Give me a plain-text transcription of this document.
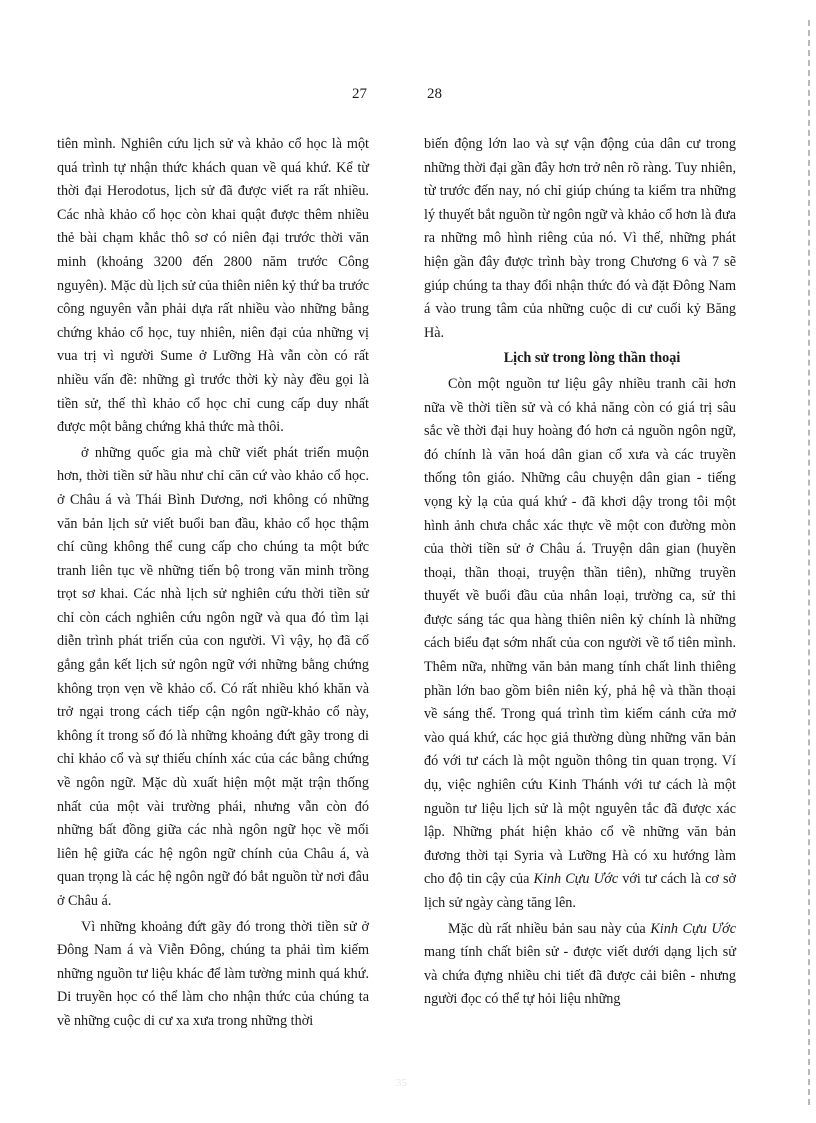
27	28

tiên mình. Nghiên cứu lịch sử và khảo cổ học là một quá trình tự nhận thức khách quan về quá khứ. Kể từ thời đại Herodotus, lịch sử đã được viết ra rất nhiều. Các nhà khảo cổ học còn khai quật được thêm nhiều thẻ bài chạm khắc thô sơ có niên đại trước thời văn minh (khoảng 3200 đến 2800 năm trước Công nguyên). Mặc dù lịch sử của thiên niên kỷ thứ ba trước công nguyên vẫn phải dựa rất nhiều vào những bằng chứng khảo cổ học, tuy nhiên, niên đại của những vị vua trị vì người Sume ở Lưỡng Hà vẫn còn có rất nhiều vấn đề: những gì trước thời kỳ này đều gọi là tiền sử, thế thì khảo cổ học chỉ cung cấp duy nhất được một bằng chứng khả thức mà thôi.

ở những quốc gia mà chữ viết phát triển muộn hơn, thời tiền sử hầu như chỉ căn cứ vào khảo cổ học. ở Châu á và Thái Bình Dương, nơi không có những văn bản lịch sử viết buổi ban đầu, khảo cổ học thậm chí cũng không thể cung cấp cho chúng ta một bức tranh liên tục về những tiến bộ trong văn minh trồng trọt sơ khai. Các nhà lịch sử nghiên cứu thời tiền sử chỉ còn cách nghiên cứu ngôn ngữ và qua đó tìm lại diễn trình phát triển của con người. Vì vậy, họ đã cố gắng gắn kết lịch sử ngôn ngữ với những bằng chứng không trọn vẹn về khảo cổ. Có rất nhiều khó khăn và trở ngại trong cách tiếp cận ngôn ngữ-khảo cổ này, không ít trong số đó là những khoảng đứt gãy trong di chỉ khảo cổ và sự thiếu chính xác của các bằng chứng về ngôn ngữ. Mặc dù xuất hiện một mặt trận thống nhất của một vài trường phái, nhưng vẫn còn đó những bất đồng giữa các nhà ngôn ngữ học về mối liên hệ giữa các hệ ngôn ngữ chính của Châu á, và quan trọng là các hệ ngôn ngữ đó bắt nguồn từ nơi đâu ở Châu á.

Vì những khoảng đứt gãy đó trong thời tiền sử ở Đông Nam á và Viễn Đông, chúng ta phải tìm kiếm những nguồn tư liệu khác để làm tường minh quá khứ. Di truyền học có thể làm cho nhận thức của chúng ta về những cuộc di cư xa xưa trong những thời

biến động lớn lao và sự vận động của dân cư trong những thời đại gần đây hơn trở nên rõ ràng. Tuy nhiên, từ trước đến nay, nó chỉ giúp chúng ta kiểm tra những lý thuyết bắt nguồn từ ngôn ngữ và khảo cổ hơn là đưa ra những mô hình riêng của nó. Vì thế, những phát hiện gần đây được trình bày trong Chương 6 và 7 sẽ giúp chúng ta thay đổi nhận thức đó và đặt Đông Nam á vào trung tâm của những cuộc di cư cuối kỷ Băng Hà.

Lịch sử trong lòng thần thoại

Còn một nguồn tư liệu gây nhiều tranh cãi hơn nữa về thời tiền sử và có khả năng còn có giá trị sâu sắc về thời đại huy hoàng đó hơn cả nguồn ngôn ngữ, đó chính là văn hoá dân gian cổ xưa và các truyền thống tôn giáo. Những câu chuyện dân gian - tiếng vọng kỳ lạ của quá khứ - đã khơi dậy trong tôi một hình ảnh chưa chắc xác thực về một con đường mòn của thời tiền sử ở Châu á. Truyện dân gian (huyền thoại, thần thoại, truyện thần tiên), những truyền thuyết về buổi đầu của nhân loại, trường ca, sử thi được sáng tác qua hàng thiên niên kỷ chính là những cách biểu đạt sớm nhất của con người về tổ tiên mình. Thêm nữa, những văn bản mang tính chất linh thiêng phần lớn bao gồm biên niên ký, phả hệ và thần thoại về sáng thế. Trong quá trình tìm kiếm cánh cửa mở vào quá khứ, các học giả thường dùng những văn bản đó với tư cách là một nguồn thông tin quan trọng. Ví dụ, việc nghiên cứu Kinh Thánh với tư cách là một nguồn tư liệu lịch sử là một nguyên tắc đã được xác lập. Những phát hiện khảo cổ về những văn bản đương thời tại Syria và Lưỡng Hà có xu hướng làm cho độ tin cậy của Kinh Cựu Ước với tư cách là cơ sở lịch sử ngày càng tăng lên.

Mặc dù rất nhiều bản sau này của Kinh Cựu Ước mang tính chất biên sử - được viết dưới dạng lịch sử và chứa đựng nhiều chi tiết đã được cải biên - nhưng người đọc có thể tự hỏi liệu những

35
